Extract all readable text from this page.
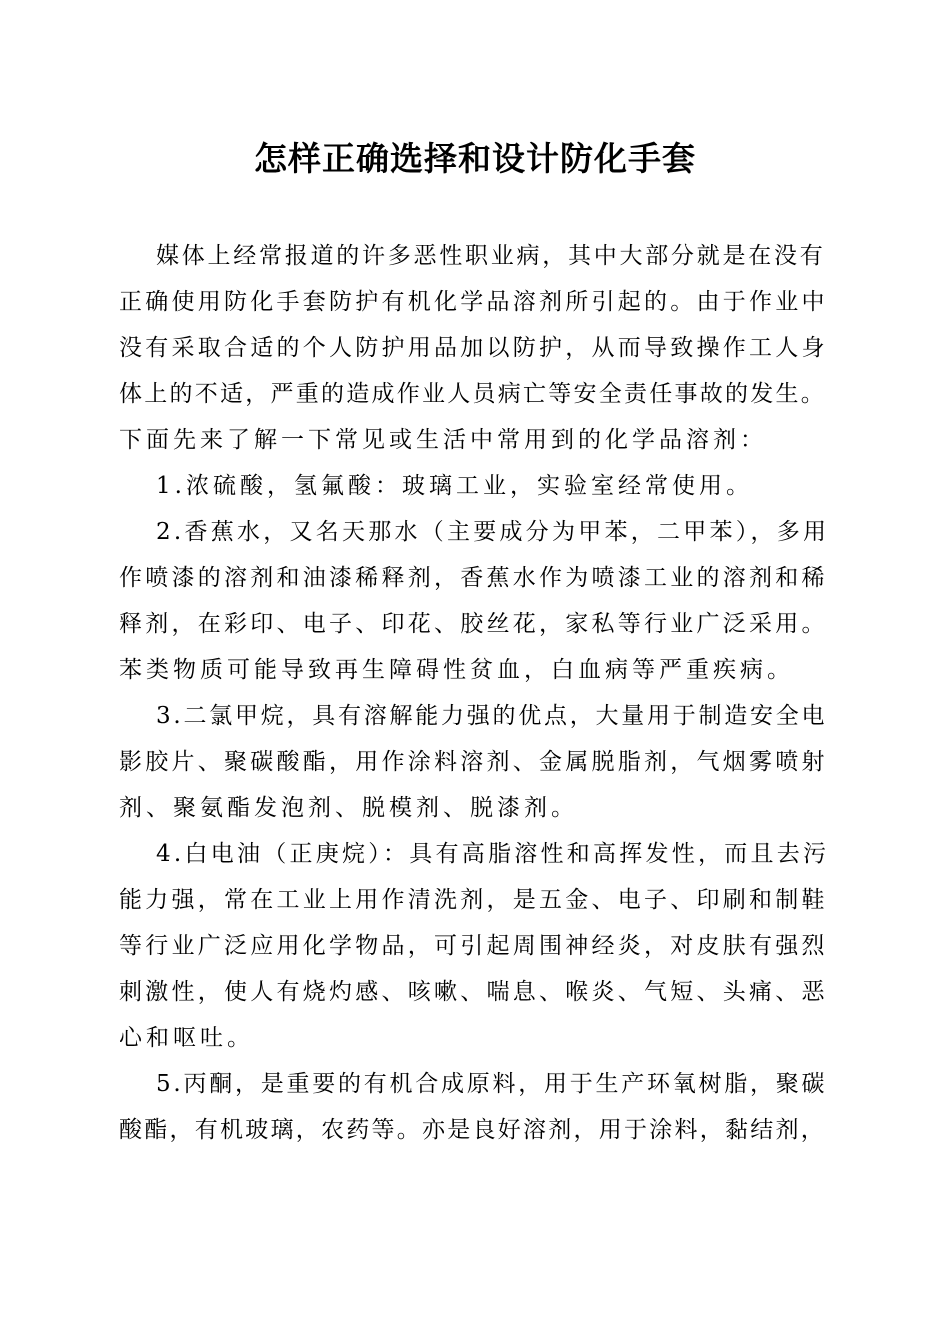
怎样正确选择和设计防化手套

媒体上经常报道的许多恶性职业病，其中大部分就是在没有

正确使用防化手套防护有机化学品溶剂所引起的。由于作业中

没有采取合适的个人防护用品加以防护，从而导致操作工人身

体上的不适，严重的造成作业人员病亡等安全责任事故的发生。

下面先来了解一下常见或生活中常用到的化学品溶剂：

1.浓硫酸，氢氟酸：玻璃工业，实验室经常使用。

2.香蕉水，又名天那水（主要成分为甲苯，二甲苯），多用

作喷漆的溶剂和油漆稀释剂，香蕉水作为喷漆工业的溶剂和稀

释剂，在彩印、电子、印花、胶丝花，家私等行业广泛采用。

苯类物质可能导致再生障碍性贫血，白血病等严重疾病。

3.二氯甲烷，具有溶解能力强的优点，大量用于制造安全电

影胶片、聚碳酸酯，用作涂料溶剂、金属脱脂剂，气烟雾喷射

剂、聚氨酯发泡剂、脱模剂、脱漆剂。

4.白电油（正庚烷）：具有高脂溶性和高挥发性，而且去污

能力强，常在工业上用作清洗剂，是五金、电子、印刷和制鞋

等行业广泛应用化学物品，可引起周围神经炎，对皮肤有强烈

刺激性，使人有烧灼感、咳嗽、喘息、喉炎、气短、头痛、恶

心和呕吐。

5.丙酮，是重要的有机合成原料，用于生产环氧树脂，聚碳

酸酯，有机玻璃，农药等。亦是良好溶剂，用于涂料，黏结剂，
